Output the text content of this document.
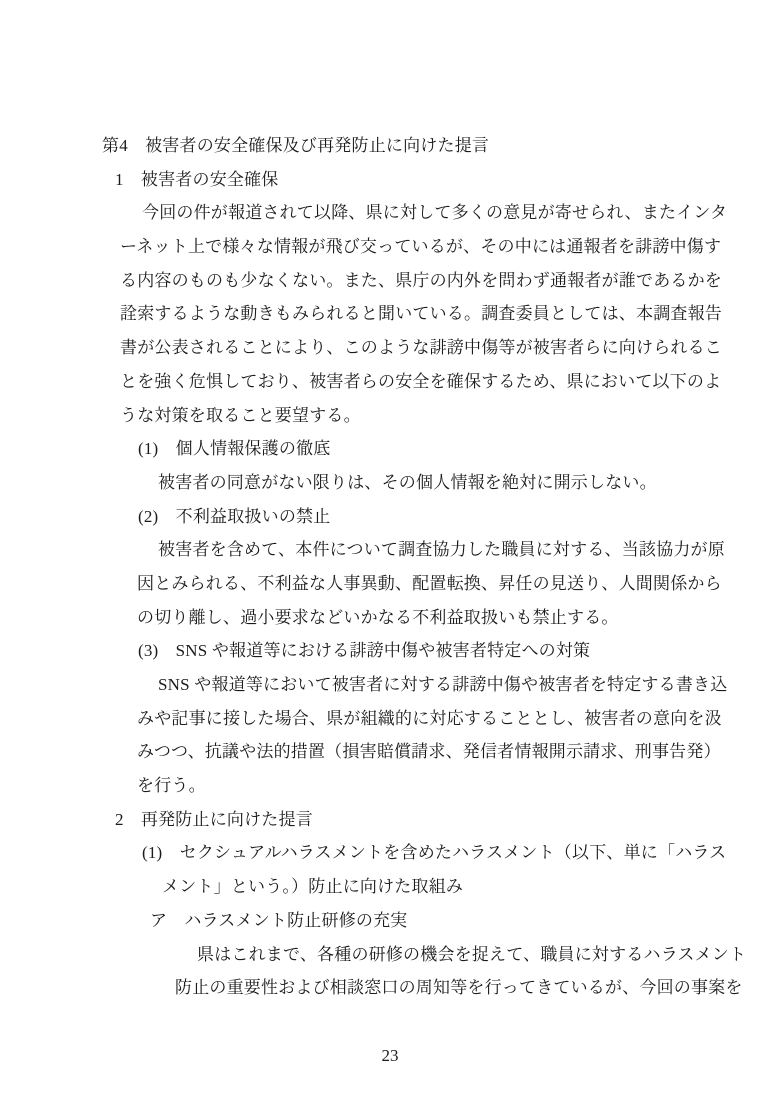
第4　被害者の安全確保及び再発防止に向けた提言
1　被害者の安全確保
今回の件が報道されて以降、県に対して多くの意見が寄せられ、またインタ
ーネット上で様々な情報が飛び交っているが、その中には通報者を誹謗中傷す
る内容のものも少なくない。また、県庁の内外を問わず通報者が誰であるかを
詮索するような動きもみられると聞いている。調査委員としては、本調査報告
書が公表されることにより、このような誹謗中傷等が被害者らに向けられるこ
とを強く危惧しており、被害者らの安全を確保するため、県において以下のよ
うな対策を取ること要望する。
(1)　個人情報保護の徹底
被害者の同意がない限りは、その個人情報を絶対に開示しない。
(2)　不利益取扱いの禁止
被害者を含めて、本件について調査協力した職員に対する、当該協力が原
因とみられる、不利益な人事異動、配置転換、昇任の見送り、人間関係から
の切り離し、過小要求などいかなる不利益取扱いも禁止する。
(3)　SNS や報道等における誹謗中傷や被害者特定への対策
SNS や報道等において被害者に対する誹謗中傷や被害者を特定する書き込
みや記事に接した場合、県が組織的に対応することとし、被害者の意向を汲
みつつ、抗議や法的措置（損害賠償請求、発信者情報開示請求、刑事告発）
を行う。
2　再発防止に向けた提言
(1)　セクシュアルハラスメントを含めたハラスメント（以下、単に「ハラス
メント」という。）防止に向けた取組み
ア　ハラスメント防止研修の充実
県はこれまで、各種の研修の機会を捉えて、職員に対するハラスメント
防止の重要性および相談窓口の周知等を行ってきているが、今回の事案を
23
